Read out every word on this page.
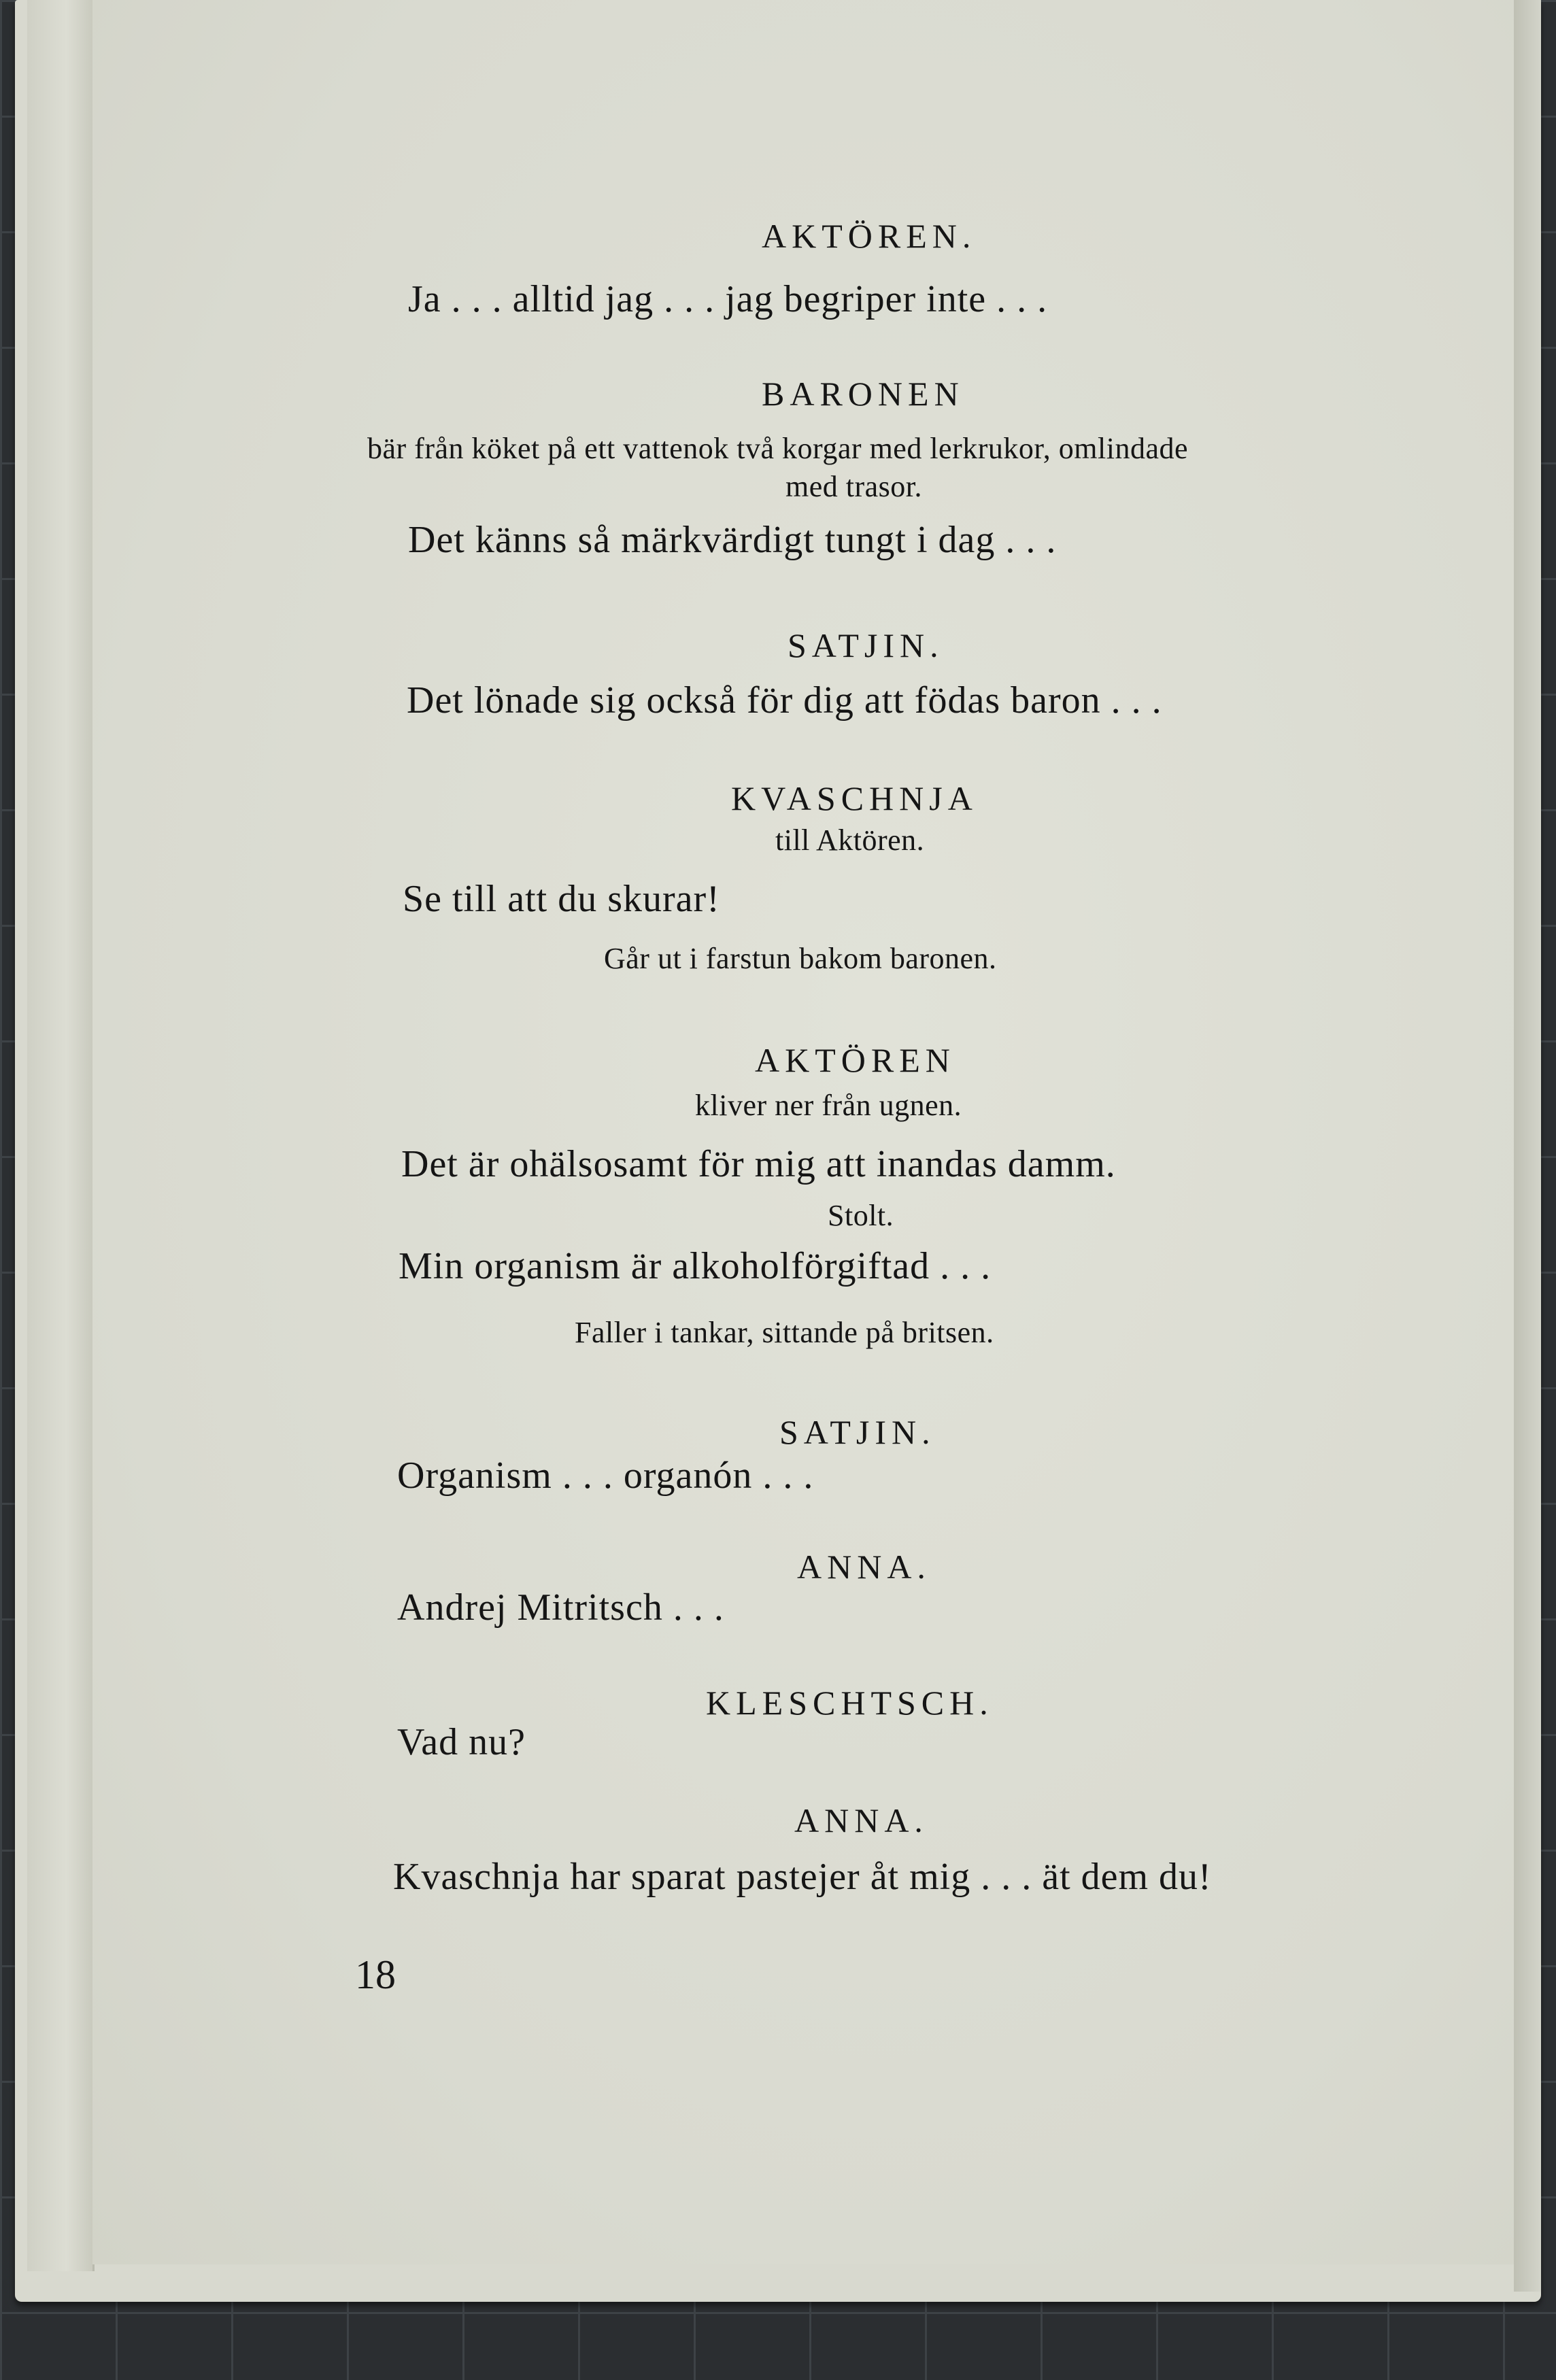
AKTÖREN.
Ja . . . alltid jag . . . jag begriper inte . . .
BARONEN
bär från köket på ett vattenok två korgar med lerkrukor, omlindade
med trasor.
Det känns så märkvärdigt tungt i dag . . .
SATJIN.
Det lönade sig också för dig att födas baron . . .
KVASCHNJA
till Aktören.
Se till att du skurar!
Går ut i farstun bakom baronen.
AKTÖREN
kliver ner från ugnen.
Det är ohälsosamt för mig att inandas damm.
Stolt.
Min organism är alkoholförgiftad . . .
Faller i tankar, sittande på britsen.
SATJIN.
Organism . . . organón . . .
ANNA.
Andrej Mitritsch . . .
KLESCHTSCH.
Vad nu?
ANNA.
Kvaschnja har sparat pastejer åt mig . . . ät dem du!
18
